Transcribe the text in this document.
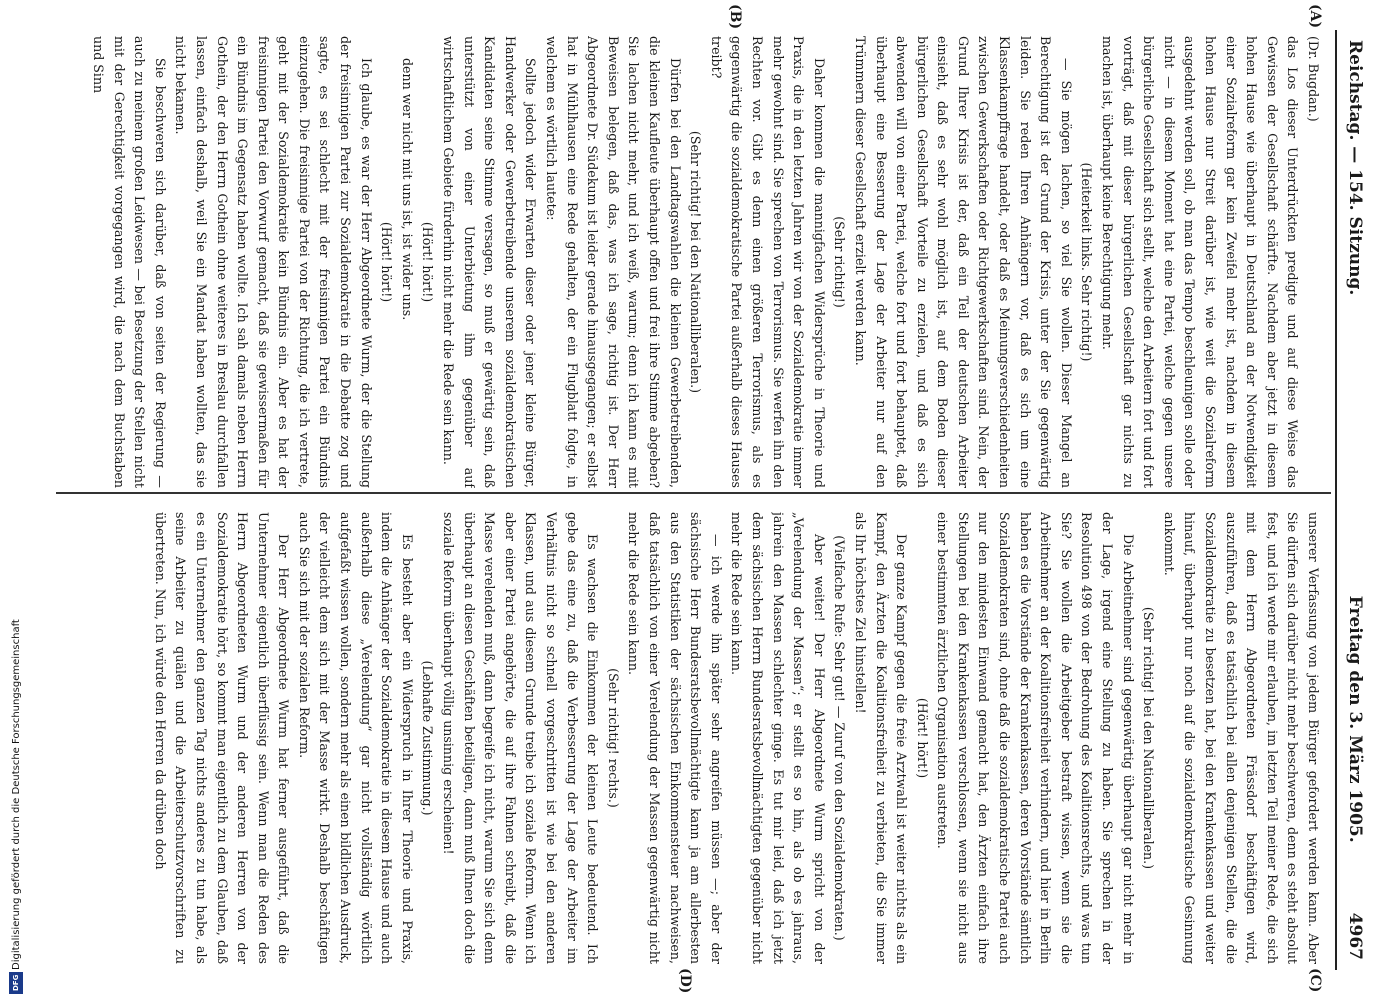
Reichstag. — 154. Sitzung.
Freitag den 3. März 1905.4967
(A)
(B)
(C)
(D)

(Dr. Bugdan.)

das Los dieser Unterdrückten predigte und auf diese Weise das Gewissen der Gesellschaft schärfte. Nachdem aber jetzt in diesem hohen Hause wie überhaupt in Deutschland an der Notwendigkeit einer Sozialreform gar kein Zweifel mehr ist, nachdem in diesem hohen Hause nur Streit darüber ist, wie weit die Sozialreform ausgedehnt werden soll, ob man das Tempo beschleunigen solle oder nicht — in diesem Moment hat eine Partei, welche gegen unsere bürgerliche Gesellschaft sich stellt, welche den Arbeitern fort und fort vorträgt, daß mit dieser bürgerlichen Gesellschaft gar nichts zu machen ist, überhaupt keine Berechtigung mehr.

(Heiterkeit links. Sehr richtig!)

— Sie mögen lachen, so viel Sie wollen. Dieser Mangel an Berechtigung ist der Grund der Krisis, unter der Sie gegenwärtig leiden. Sie reden Ihren Anhängern vor, daß es sich um eine Klassenkampffrage handelt, oder daß es Meinungsverschiedenheiten zwischen Gewerkschaften oder Richtgewerkschaften sind. Nein, der Grund Ihrer Krisis ist der, daß ein Teil der deutschen Arbeiter einsieht, daß es sehr wohl möglich ist, auf dem Boden dieser bürgerlichen Gesellschaft Vorteile zu erzielen, und daß es sich abwenden will von einer Partei, welche fort und fort behauptet, daß überhaupt eine Besserung der Lage der Arbeiter nur auf den Trümmern dieser Gesellschaft erzielt werden kann.

(Sehr richtig!)

Daher kommen die mannigfachen Widersprüche in Theorie und Praxis, die in den letzten Jahren wir von der Sozialdemokratie immer mehr gewohnt sind. Sie sprechen von Terrorismus. Sie werfen ihn den Rechten vor. Gibt es denn einen größeren Terrorismus, als es gegenwärtig die sozialdemokratische Partei außerhalb dieses Hauses treibt?

(Sehr richtig! bei den Nationalliberalen.)

Dürfen bei den Landtagswahlen die kleinen Gewerbetreibenden, die kleinen Kaufleute überhaupt offen und frei ihre Stimme abgeben? Sie lachen nicht mehr, und ich weiß, warum; denn ich kann es mit Beweisen belegen, daß das, was ich sage, richtig ist. Der Herr Abgeordnete Dr. Südekum ist leider gerade hinausgegangen; er selbst hat in Mühlhausen eine Rede gehalten, der ein Flugblatt folgte, in welchem es wörtlich lautete:

Sollte jedoch wider Erwarten dieser oder jener kleine Bürger, Handwerker oder Gewerbetreibende unserem sozialdemokratischen Kandidaten seine Stimme versagen, so muß er gewärtig sein, daß unterstützt von einer Unterbietung ihm gegenüber auf wirtschaftlichem Gebiete fürderhin nicht mehr die Rede sein kann.

(Hört! hört!)

denn wer nicht mit uns ist, ist wider uns.

(Hört! hört!)

Ich glaube, es war der Herr Abgeordnete Wurm, der die Stellung der freisinnigen Partei zur Sozialdemokratie in die Debatte zog und sagte, es sei schlecht mit der freisinnigen Partei ein Bündnis einzugehen. Die freisinnige Partei von der Richtung, die ich vertrete, geht mit der Sozialdemokratie kein Bündnis ein. Aber es hat der freisinnigen Partei den Vorwurf gemacht, daß sie gewissermaßen für ein Bündnis im Gegensatz haben wollte. Ich sah damals neben Herrn Gothein, der den Herrn Gothein ohne weiteres in Breslau durchfallen lassen, einfach deshalb, weil Sie ein Mandat haben wollten, das sie nicht bekamen.

Sie beschweren sich darüber, daß von seiten der Regierung — auch zu meinem großen Leidwesen — bei Besetzung der Stellen nicht mit der Gerechtigkeit vorgegangen wird, die nach dem Buchstaben und Sinn

unserer Verfassung von jedem Bürger gefordert werden kann. Aber Sie dürfen sich darüber nicht mehr beschweren, denn es steht absolut fest, und ich werde mir erlauben, im letzten Teil meiner Rede, die sich mit dem Herrn Abgeordneten Frässdorf beschäftigen wird, auszuführen, daß es tatsächlich bei allen denjenigen Stellen, die die Sozialdemokratie zu besetzen hat, bei den Krankenkassen und weiter hinauf, überhaupt nur noch auf die sozialdemokratische Gesinnung ankommt.

(Sehr richtig! bei den Nationalliberalen.)

Die Arbeitnehmer sind gegenwärtig überhaupt gar nicht mehr in der Lage, irgend eine Stellung zu haben. Sie sprechen in der Resolution 498 von der Bedrohung des Koalitionsrechts, und was tun Sie? Sie wollen die Arbeitgeber bestraft wissen, wenn sie die Arbeitnehmer an der Koalitionsfreiheit verhindern, und hier in Berlin haben es die Vorstände der Krankenkassen, deren Vorstände sämtlich Sozialdemokraten sind, ohne daß die sozialdemokratische Partei auch nur den mindesten Einwand gemacht hat, den Ärzten einfach ihre Stellungen bei den Krankenkassen verschlossen, wenn sie nicht aus einer bestimmten ärztlichen Organisation austreten.

(Hört! hört!)

Der ganze Kampf gegen die freie Arztwahl ist weiter nichts als ein Kampf, den Ärzten die Koalitionsfreiheit zu verbieten, die Sie immer als Ihr höchstes Ziel hinstellen!

(Vielfache Rufe: Sehr gut! — Zuruf von den Sozialdemokraten.)

Aber weiter! Der Herr Abgeordnete Wurm spricht von der „Verelendung der Massen“; er stellt es so hin, als ob es jahraus, jahrein den Massen schlechter ginge. Es tut mir leid, daß ich jetzt dem sächsischen Herrn Bundesratsbevollmächtigten gegenüber nicht mehr die Rede sein kann.

— ich werde ihn später sehr angreifen müssen —; aber der sächsische Herr Bundesratsbevollmächtigte kann ja am allerbesten aus den Statistiken der sächsischen Einkommensteuer nachweisen, daß tatsächlich von einer Verelendung der Massen gegenwärtig nicht mehr die Rede sein kann.

(Sehr richtig! rechts.)

Es wachsen die Einkommen der kleinen Leute bedeutend. Ich gebe das eine zu, daß die Verbesserung der Lage der Arbeiter im Verhältnis nicht so schnell vorgeschritten ist wie bei den anderen Klassen, und aus diesem Grunde treibe ich soziale Reform. Wenn ich aber einer Partei angehörte, die auf ihre Fahnen schreibt, daß die Masse verelenden muß, dann begreife ich nicht, warum Sie sich denn überhaupt an diesen Geschäften beteiligen, dann muß Ihnen doch die soziale Reform überhaupt völlig unsinnig erscheinen!

(Lebhafte Zustimmung.)

Es besteht aber ein Widerspruch in Ihrer Theorie und Praxis, indem die Anhänger der Sozialdemokratie in diesem Hause und auch außerhalb diese „Verelendung“ gar nicht vollständig wörtlich aufgefaßt wissen wollen, sondern mehr als einen bildlichen Ausdruck, der vielleicht dem sich mit der Masse wirkt. Deshalb beschäftigen auch Sie sich mit der sozialen Reform.

Der Herr Abgeordnete Wurm hat ferner ausgeführt, daß die Unternehmer eigentlich überflüssig sein. Wenn man die Reden des Herrn Abgeordneten Wurm und der anderen Herren von der Sozialdemokratie hört, so kommt man eigentlich zu dem Glauben, daß es ein Unternehmer den ganzen Tag nichts anderes zu tun habe, als seine Arbeiter zu quälen und die Arbeiterschutzvorschriften zu übertreten. Nun, ich würde den Herren da drüben doch

Digitalisierung gefördert durch die Deutsche Forschungsgemeinschaft
DFG
